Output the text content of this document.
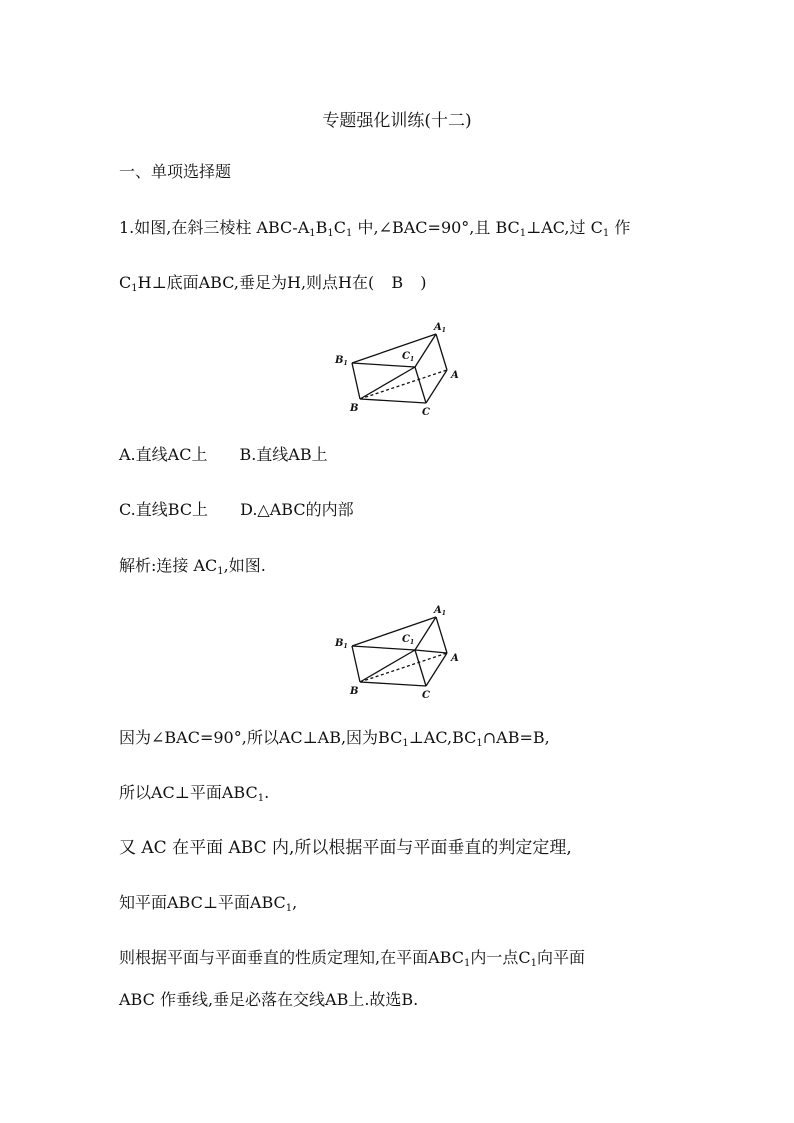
专题强化训练(十二)
一、单项选择题
1.如图,在斜三棱柱 ABC-$A_1B_1C_1$ 中,∠BAC=90°,且 $BC_1\perp AC$,过 $C_1$ 作
$C_1H\perp$底面ABC,垂足为H,则点H在( B )
$A_1$
$B_1$
$C_1$
A
B	C
A.直线AC上 B.直线AB上
C.直线BC上 D.△ABC的内部
解析:连接 $AC_1$,如图.
$A_1$
$B_1$
$C_1$
A
B	C
因为∠BAC=90°,所以AC⊥AB,因为$BC_1\perp AC,BC_1\cap AB=B$,
所以AC⊥平面$ABC_1$.
又 AC 在平面 ABC 内,所以根据平面与平面垂直的判定定理,
知平面ABC⊥平面$ABC_1$,
则根据平面与平面垂直的性质定理知,在平面$ABC_1$内一点$C_1$向平面
ABC 作垂线,垂足必落在交线AB上.故选B.
